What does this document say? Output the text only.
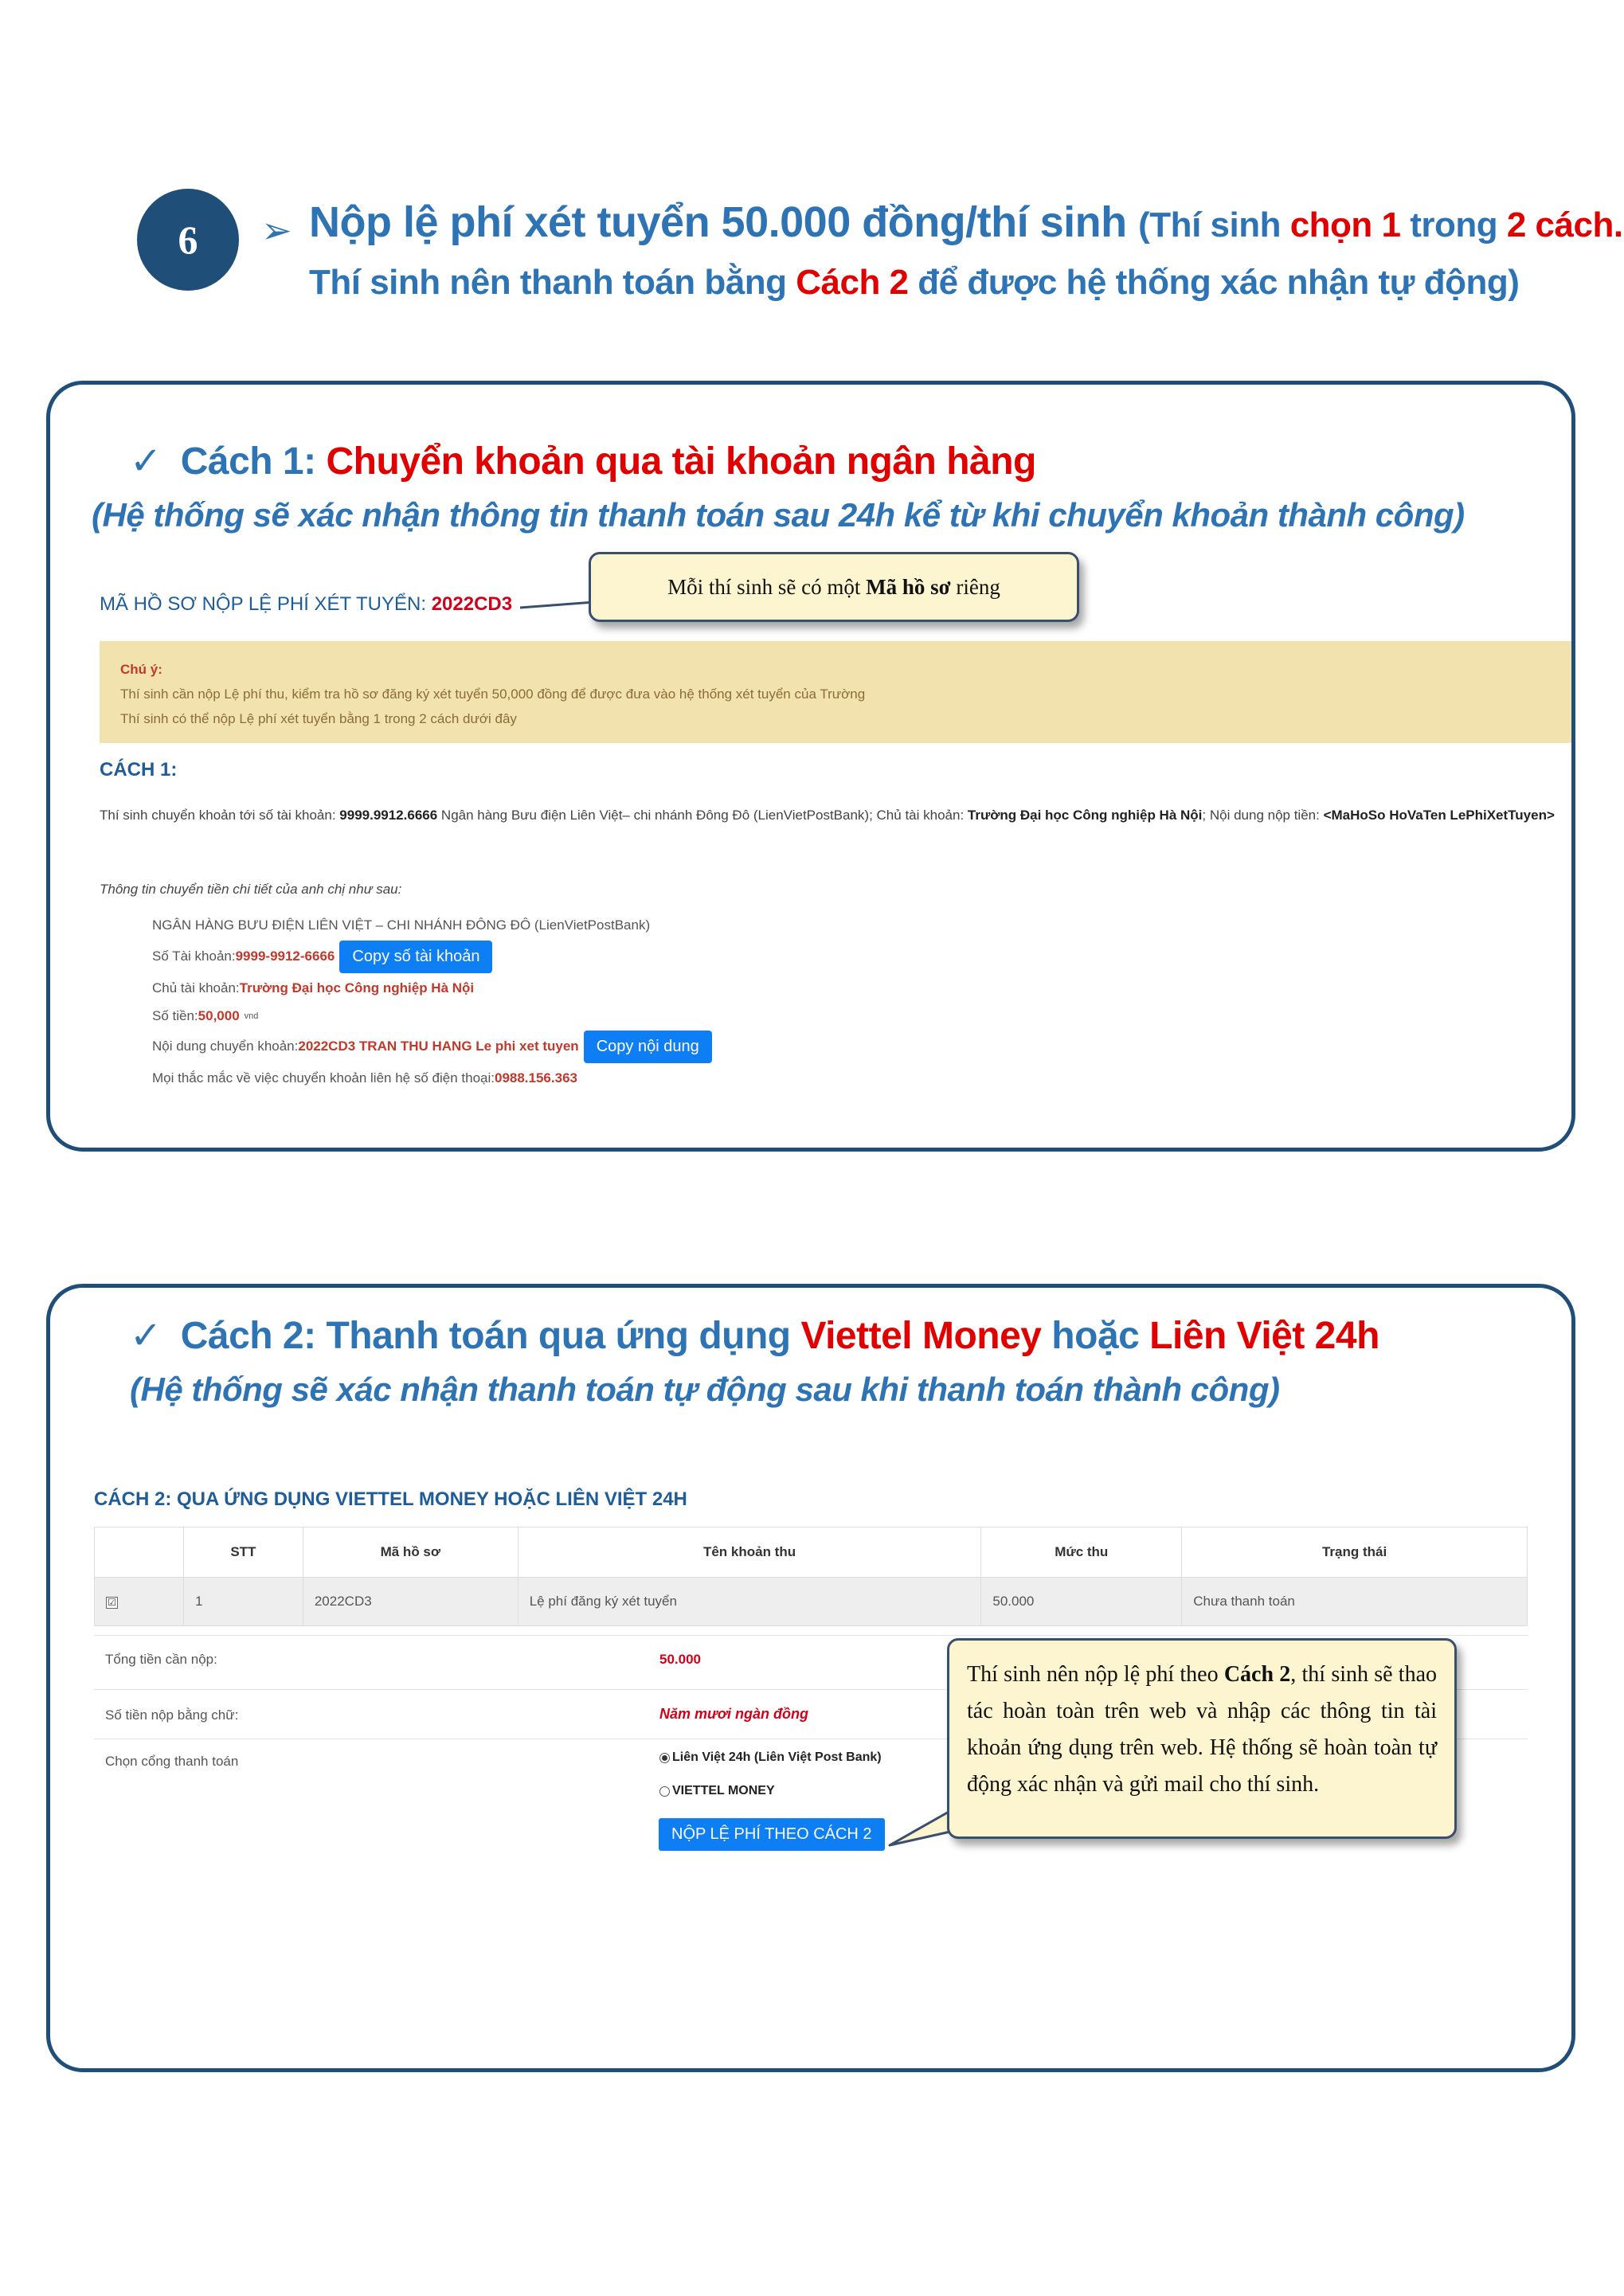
6	➢ Nộp lệ phí xét tuyển 50.000 đồng/thí sinh (Thí sinh chọn 1 trong 2 cách.
Thí sinh nên thanh toán bằng Cách 2 để được hệ thống xác nhận tự động)
✓ Cách 1: Chuyển khoản qua tài khoản ngân hàng
(Hệ thống sẽ xác nhận thông tin thanh toán sau 24h kể từ khi chuyển khoản thành công)
MÃ HỒ SƠ NỘP LỆ PHÍ XÉT TUYỂN: 2022CD3
Mỗi thí sinh sẽ có một Mã hồ sơ riêng
Chú ý:
Thí sinh cần nộp Lệ phí thu, kiểm tra hồ sơ đăng ký xét tuyển 50,000 đồng để được đưa vào hệ thống xét tuyển của Trường
Thí sinh có thể nộp Lệ phí xét tuyển bằng 1 trong 2 cách dưới đây
CÁCH 1:
Thí sinh chuyển khoản tới số tài khoản: 9999.9912.6666 Ngân hàng Bưu điện Liên Việt– chi nhánh Đông Đô (LienVietPostBank); Chủ tài khoản: Trường Đại học Công nghiệp Hà Nội; Nội dung nộp tiền: <MaHoSo HoVaTen LePhiXetTuyen>
Thông tin chuyển tiền chi tiết của anh chị như sau:
NGÂN HÀNG BƯU ĐIỆN LIÊN VIỆT – CHI NHÁNH ĐÔNG ĐÔ (LienVietPostBank)
Số Tài khoản: 9999-9912-6666	Copy số tài khoản
Chủ tài khoản: Trường Đại học Công nghiệp Hà Nội
Số tiền: 50,000 vnd
Nội dung chuyển khoản: 2022CD3 TRAN THU HANG Le phi xet tuyen	Copy nội dung
Mọi thắc mắc về việc chuyển khoản liên hệ số điện thoại: 0988.156.363
✓ Cách 2: Thanh toán qua ứng dụng Viettel Money hoặc Liên Việt 24h
(Hệ thống sẽ xác nhận thanh toán tự động sau khi thanh toán thành công)
CÁCH 2: QUA ỨNG DỤNG VIETTEL MONEY HOẶC LIÊN VIỆT 24H
	STT	Mã hồ sơ	Tên khoản thu	Mức thu	Trạng thái
☑	1	2022CD3	Lệ phí đăng ký xét tuyển	50.000	Chưa thanh toán
Tổng tiền cần nộp:	50.000
Số tiền nộp bằng chữ:	Năm mươi ngàn đồng
Chọn cổng thanh toán	Liên Việt 24h (Liên Việt Post Bank)
VIETTEL MONEY
NỘP LỆ PHÍ THEO CÁCH 2
Thí sinh nên nộp lệ phí theo Cách 2, thí sinh sẽ thao tác hoàn toàn trên web và nhập các thông tin tài khoản ứng dụng trên web. Hệ thống sẽ hoàn toàn tự động xác nhận và gửi mail cho thí sinh.
